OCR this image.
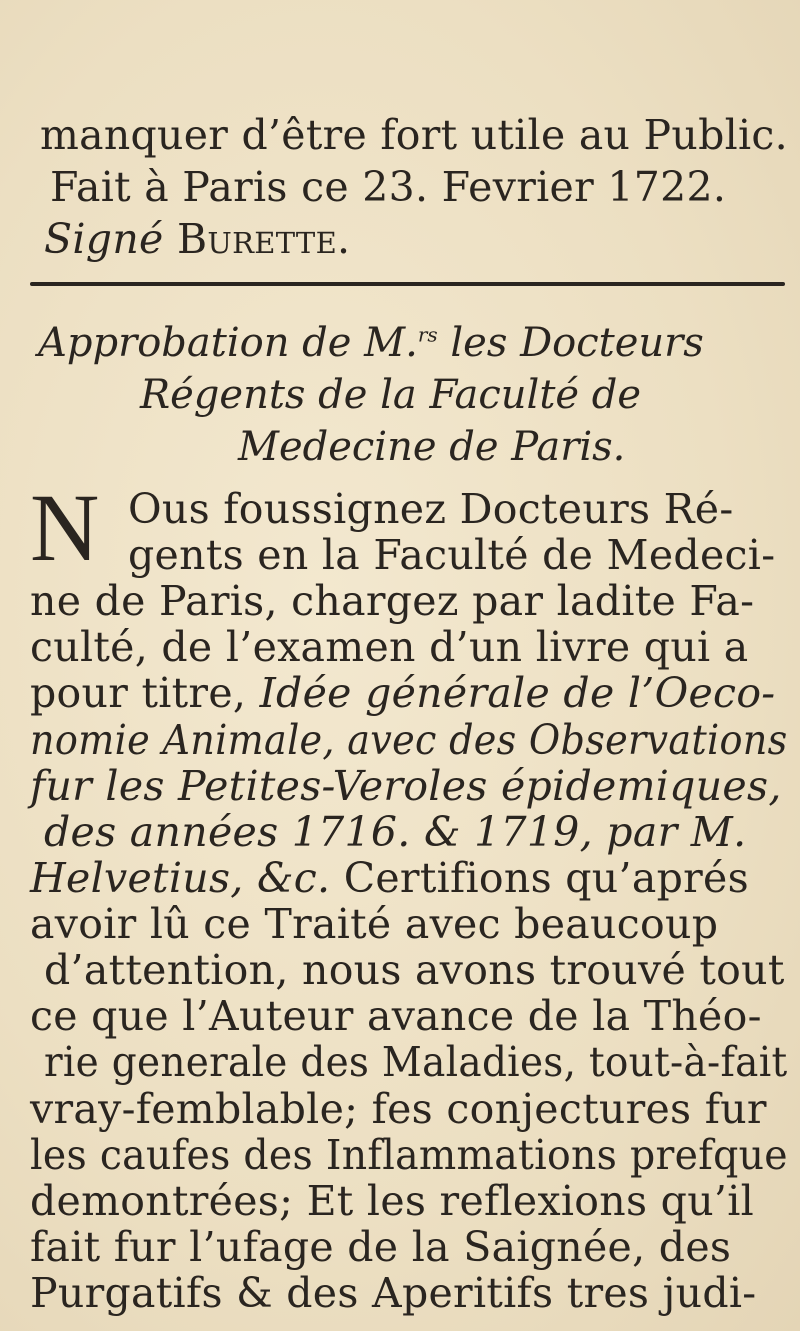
manquer d’être fort utile au Public.
Fait à Paris ce 23. Fevrier 1722.
Signé Burette.
Approbation de M.$^{rs}$ les Docteurs
Régents de la Faculté de
Medecine de Paris.
N Ous foussignez Docteurs Ré-
gents en la Faculté de Medeci-
ne de Paris, chargez par ladite Fa-
culté, de l’examen d’un livre qui a
pour titre, Idée générale de l’Oeco-
nomie Animale, avec des Observations
fur les Petites-Veroles épidemiques,
des années 1716. & 1719, par M.
Helvetius, &c. Certifions qu’aprés
avoir lû ce Traité avec beaucoup
d’attention, nous avons trouvé tout
ce que l’Auteur avance de la Théo-
rie generale des Maladies, tout-à-fait
vray-femblable; fes conjectures fur
les caufes des Inflammations prefque
demontrées; Et les reflexions qu’il
fait fur l’ufage de la Saignée, des
Purgatifs & des Aperitifs tres judi-
